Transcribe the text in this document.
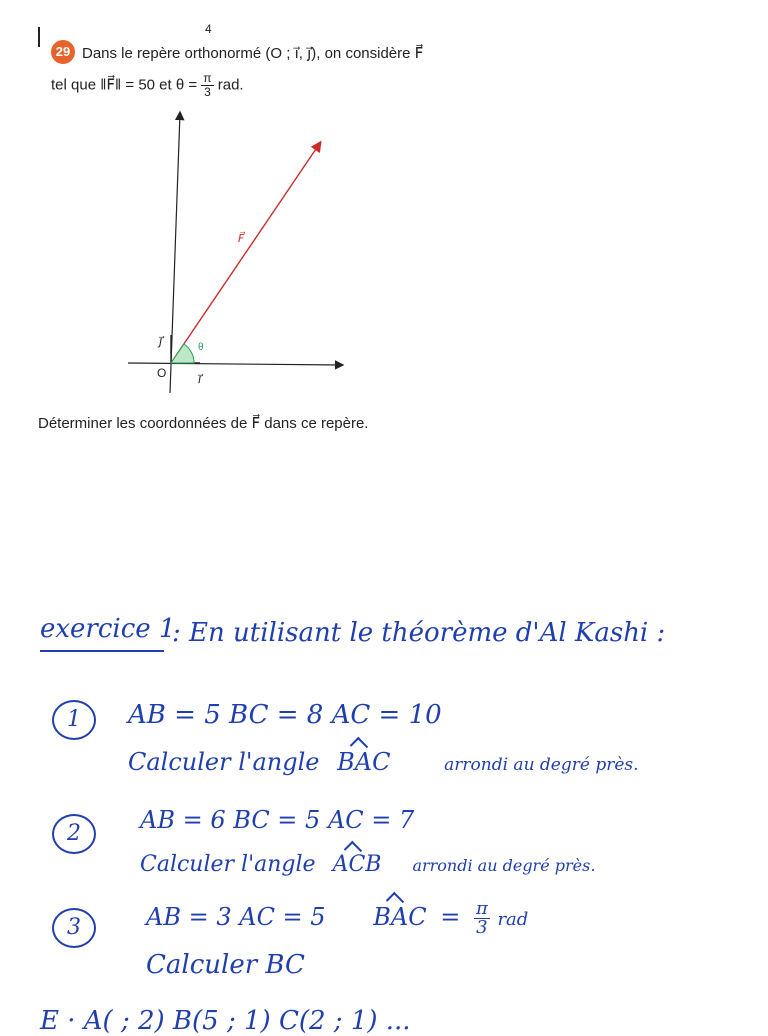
4
29 Dans le repère orthonormé (O ; i⃗, j⃗), on considère F⃗
tel que ‖F⃗‖ = 50 et $\theta = \frac{\pi}{3}$ rad.
O	i⃗
j⃗
F⃗
θ
Déterminer les coordonnées de F⃗ dans ce repère.
exercice 1
: En utilisant le théorème d'Al Kashi :
1	AB = 5 BC = 8 AC = 10
Calculer l'angle BAC	arrondi au degré près.
2	AB = 6 BC = 5 AC = 7
Calculer l'angle ACB arrondi au degré près.
3	AB = 3 AC = 5 BAC = $\frac{\pi}{3}$ rad
Calculer BC
E · A( ; 2) B(5 ; 1) C(2 ; 1) ...
